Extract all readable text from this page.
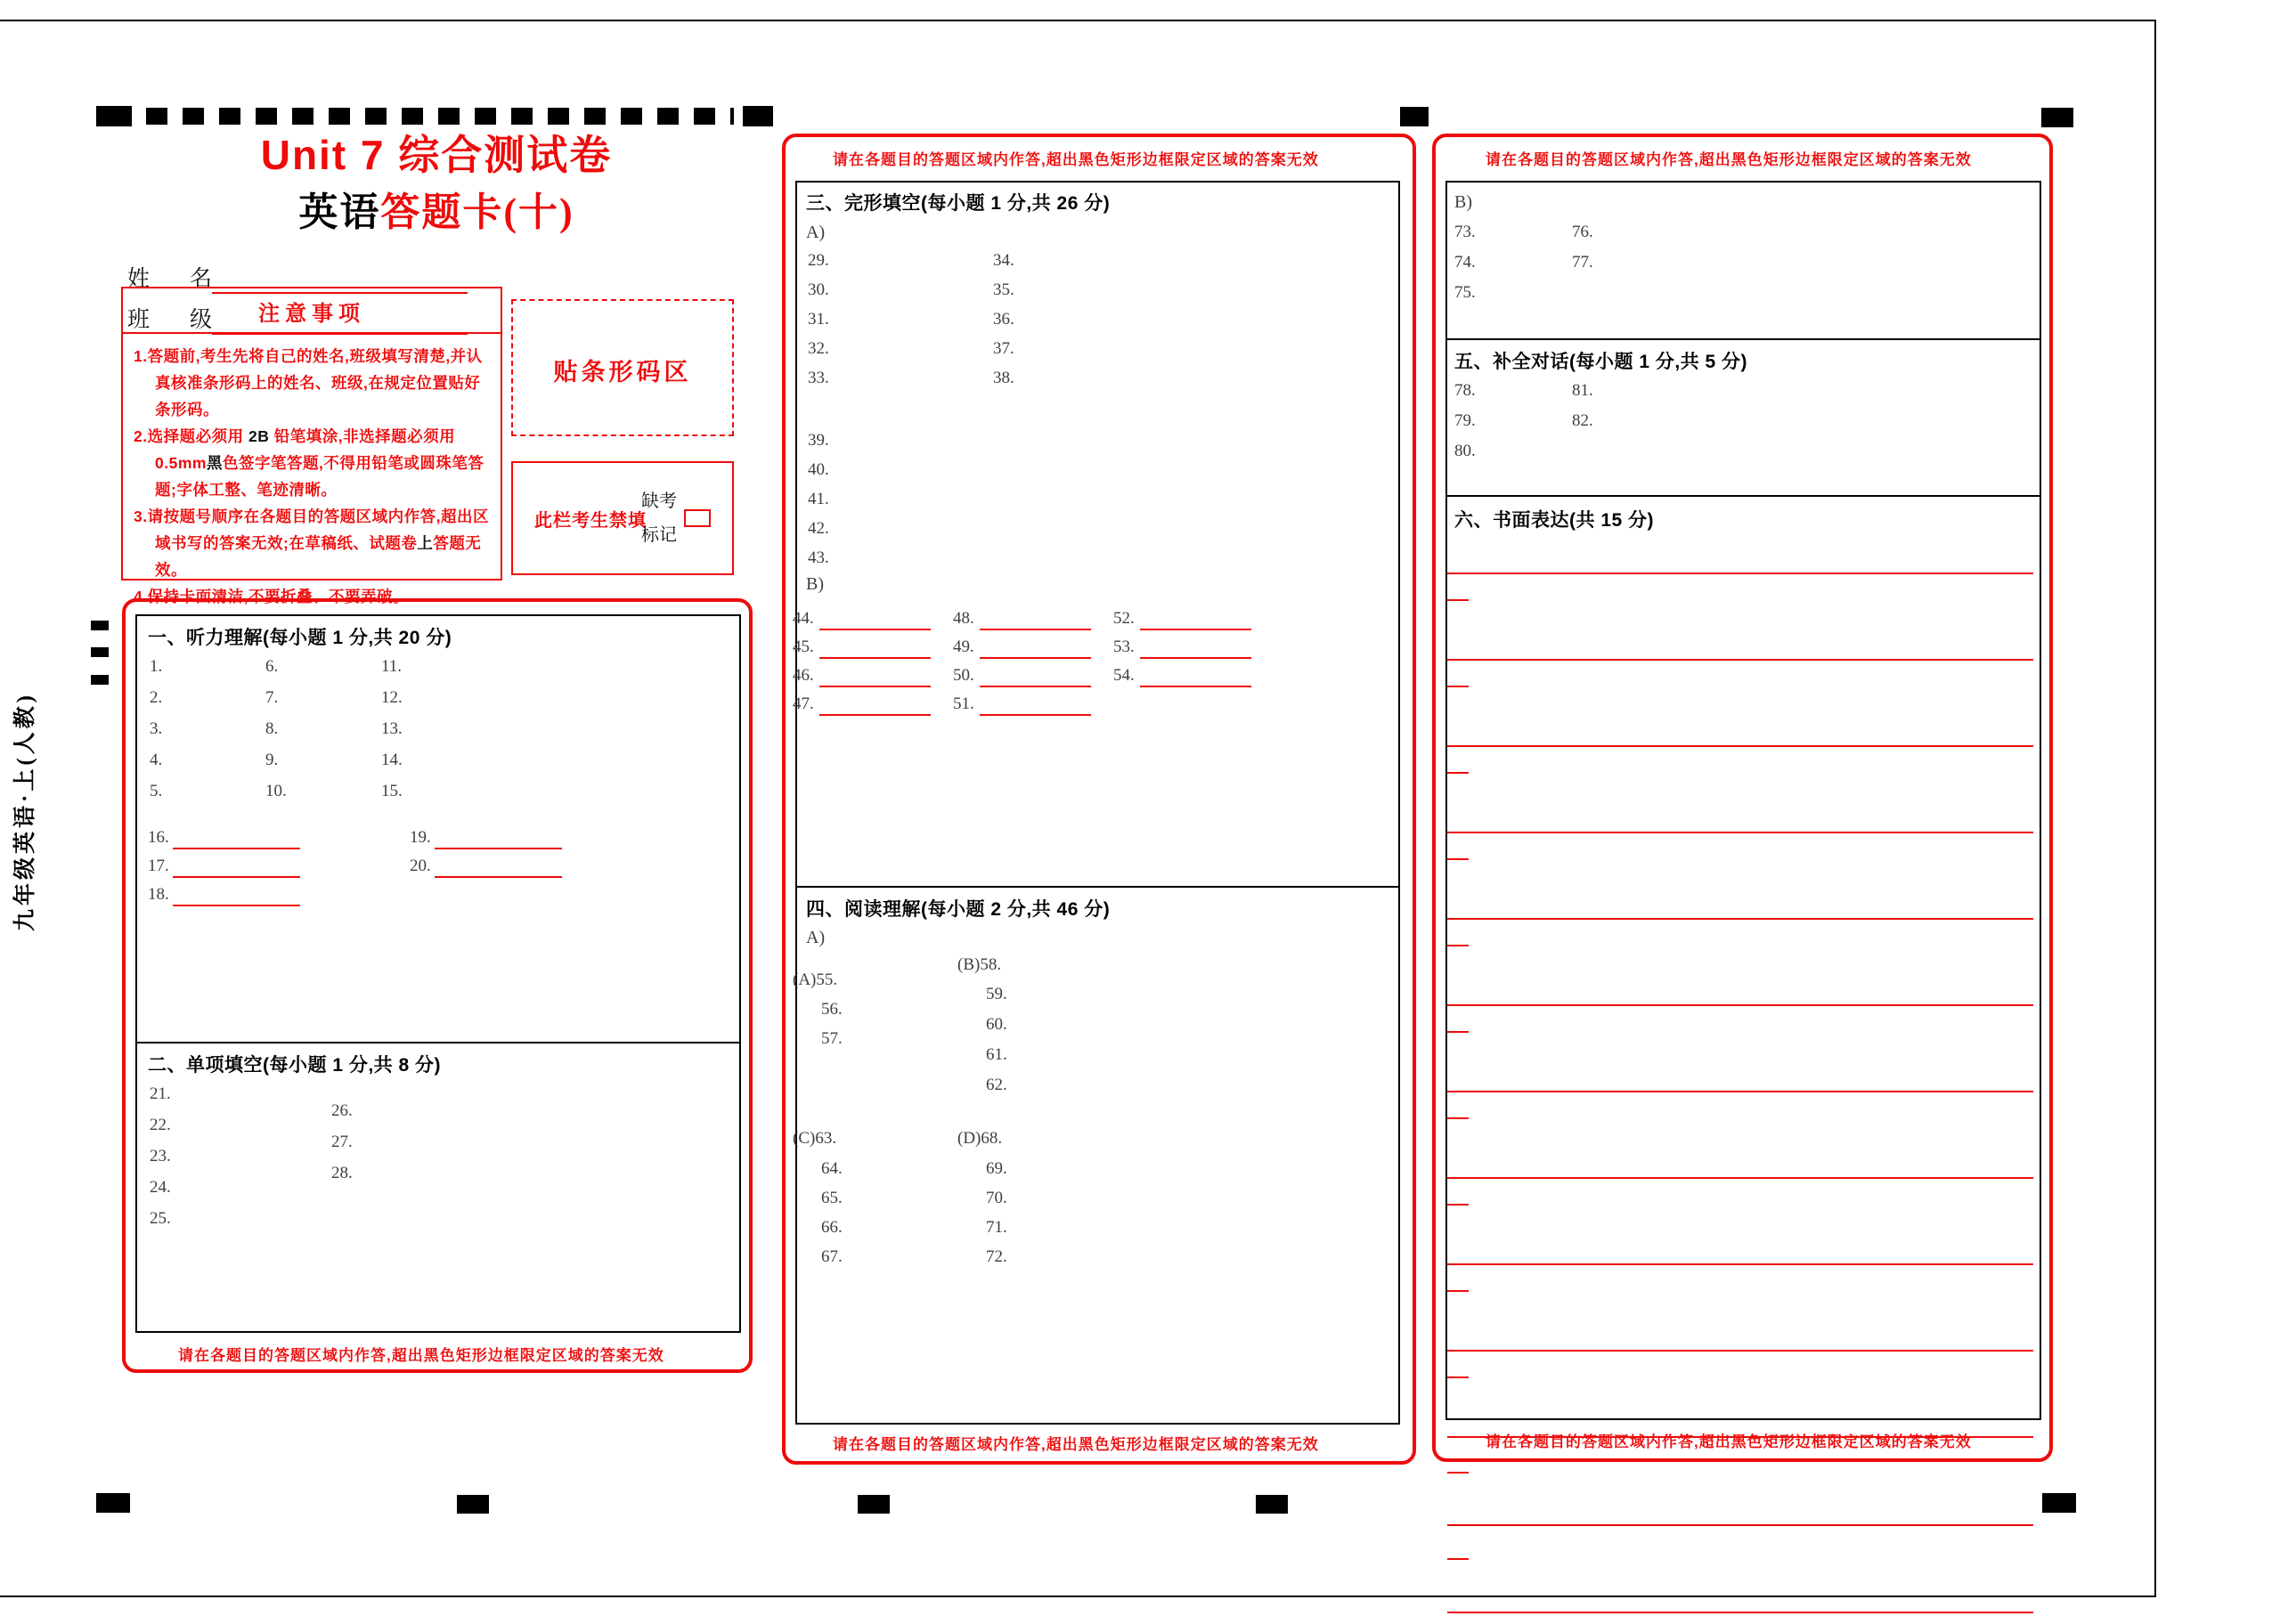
九年级英语·上(人教)
Unit 7 综合测试卷
英语答题卡(十)
姓　名
班　级	注意事项
1.答题前,考生先将自己的姓名,班级填写清楚,并认真核准条形码上的姓名、班级,在规定位置贴好条形码。
2.选择题必须用 2B 铅笔填涂,非选择题必须用 0.5mm黑色签字笔答题,不得用铅笔或圆珠笔答题;字体工整、笔迹清晰。
3.请按题号顺序在各题目的答题区域内作答,超出区域书写的答案无效;在草稿纸、试题卷上答题无效。
4.保持卡面清洁,不要折叠、不要弄破。
贴条形码区
此栏考生禁填
缺考
标记
一、听力理解(每小题 1 分,共 20 分)
1.
2.
3.
4.
5.
6.
7.
8.
9.
10.
11.
12.
13.
14.
15.
16.
17.
18.
19.
20.
二、单项填空(每小题 1 分,共 8 分)
21.
22.
23.
24.
25.
26.
27.
28.
请在各题目的答题区域内作答,超出黑色矩形边框限定区域的答案无效
请在各题目的答题区域内作答,超出黑色矩形边框限定区域的答案无效
三、完形填空(每小题 1 分,共 26 分)
A)
29.
30.
31.
32.
33.
34.
35.
36.
37.
38.
39.
40.
41.
42.
43.
B)
44.
45.
46.
47.
48.
49.
50.
51.
52.
53.
54.
四、阅读理解(每小题 2 分,共 46 分)
A)
(A)55.
56.
57.
(B)58.
59.
60.
61.
62.
(C)63.
64.
65.
66.
67.
(D)68.
69.
70.
71.
72.
请在各题目的答题区域内作答,超出黑色矩形边框限定区域的答案无效
请在各题目的答题区域内作答,超出黑色矩形边框限定区域的答案无效
B)
73.
74.
75.
76.
77.
五、补全对话(每小题 1 分,共 5 分)
78.
79.
80.
81.
82.
六、书面表达(共 15 分)
请在各题目的答题区域内作答,超出黑色矩形边框限定区域的答案无效
